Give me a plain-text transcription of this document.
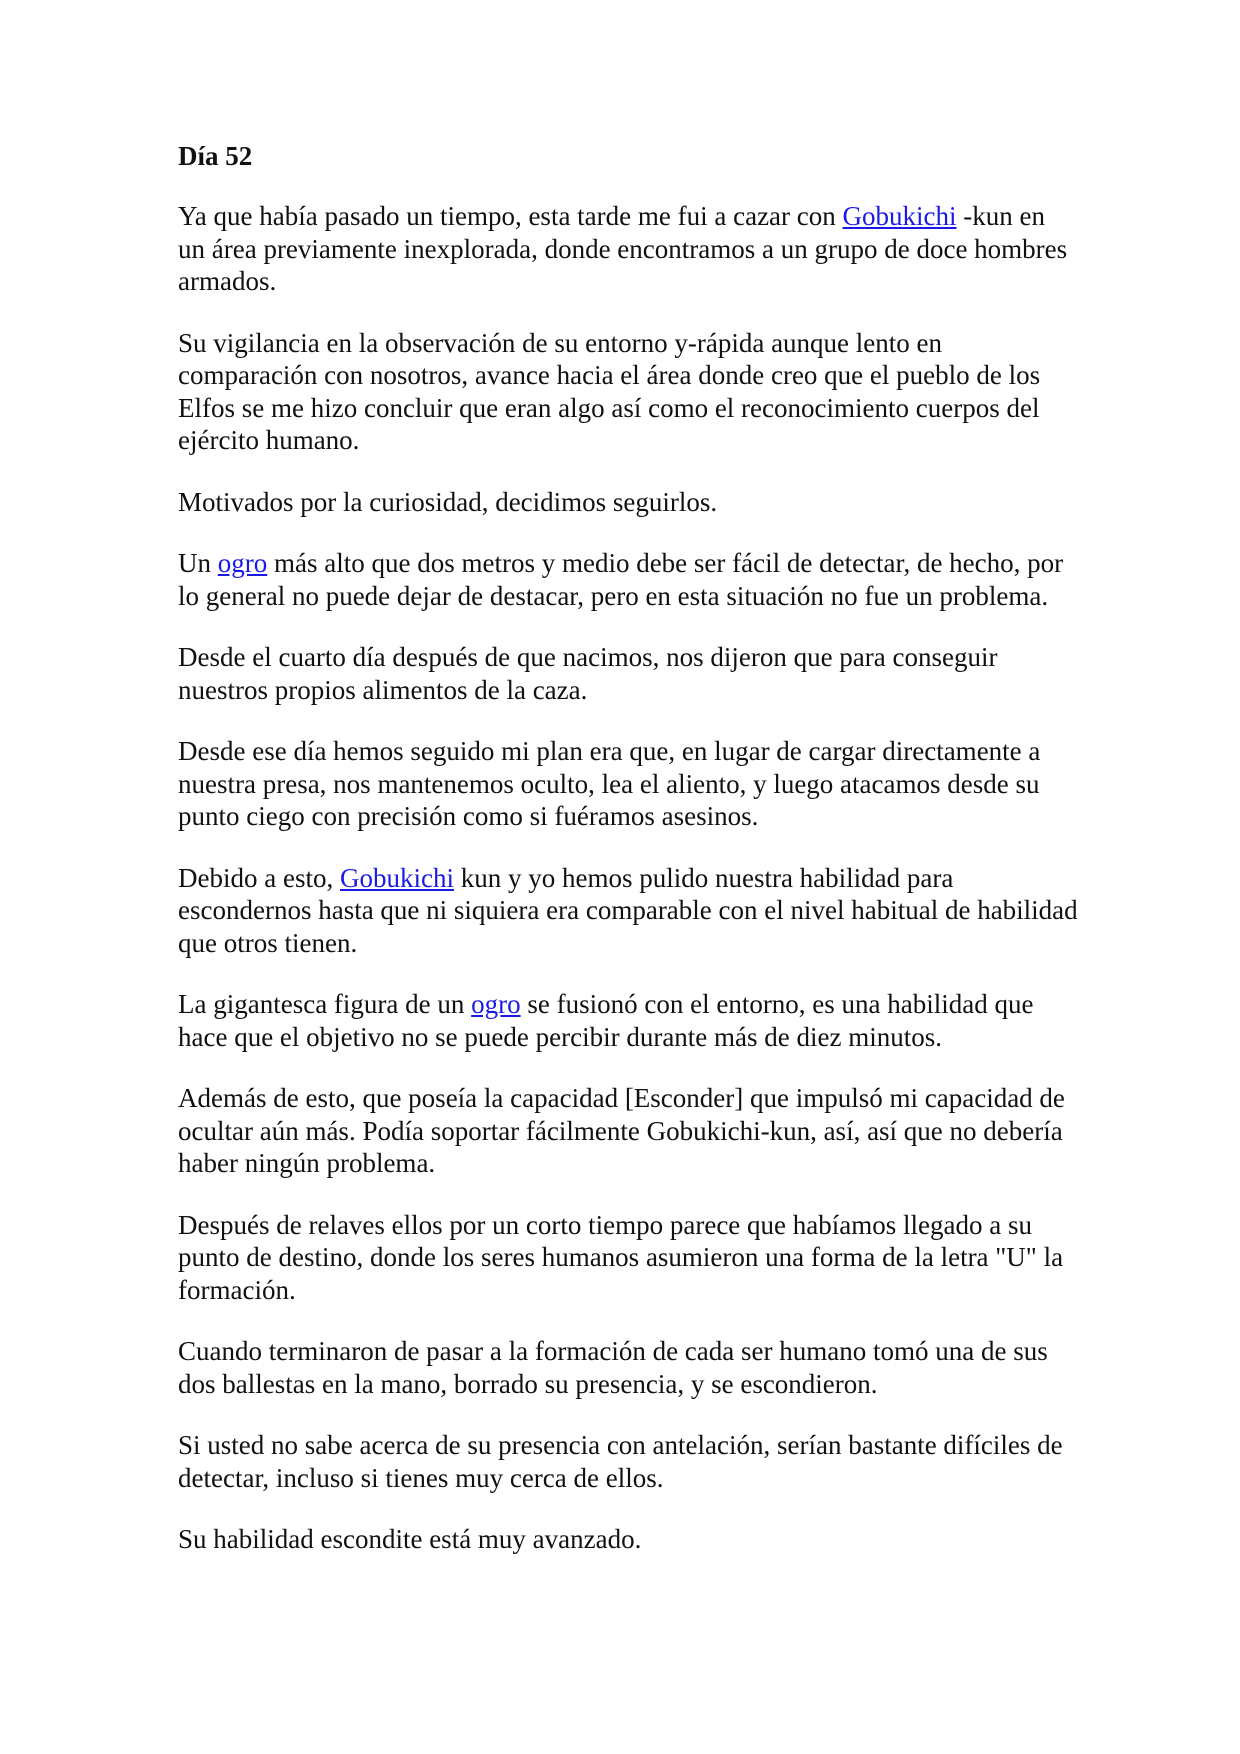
Día 52

Ya que había pasado un tiempo, esta tarde me fui a cazar con Gobukichi -kun en un área previamente inexplorada, donde encontramos a un grupo de doce hombres armados.

Su vigilancia en la observación de su entorno y-rápida aunque lento en comparación con nosotros, avance hacia el área donde creo que el pueblo de los Elfos se me hizo concluir que eran algo así como el reconocimiento cuerpos del ejército humano.

Motivados por la curiosidad, decidimos seguirlos.

Un ogro más alto que dos metros y medio debe ser fácil de detectar, de hecho, por lo general no puede dejar de destacar, pero en esta situación no fue un problema.

Desde el cuarto día después de que nacimos, nos dijeron que para conseguir nuestros propios alimentos de la caza.

Desde ese día hemos seguido mi plan era que, en lugar de cargar directamente a nuestra presa, nos mantenemos oculto, lea el aliento, y luego atacamos desde su punto ciego con precisión como si fuéramos asesinos.

Debido a esto, Gobukichi kun y yo hemos pulido nuestra habilidad para escondernos hasta que ni siquiera era comparable con el nivel habitual de habilidad que otros tienen.

La gigantesca figura de un ogro se fusionó con el entorno, es una habilidad que hace que el objetivo no se puede percibir durante más de diez minutos.

Además de esto, que poseía la capacidad [Esconder] que impulsó mi capacidad de ocultar aún más. Podía soportar fácilmente Gobukichi-kun, así, así que no debería haber ningún problema.

Después de relaves ellos por un corto tiempo parece que habíamos llegado a su punto de destino, donde los seres humanos asumieron una forma de la letra "U" la formación.

Cuando terminaron de pasar a la formación de cada ser humano tomó una de sus dos ballestas en la mano, borrado su presencia, y se escondieron.

Si usted no sabe acerca de su presencia con antelación, serían bastante difíciles de detectar, incluso si tienes muy cerca de ellos.

Su habilidad escondite está muy avanzado.
